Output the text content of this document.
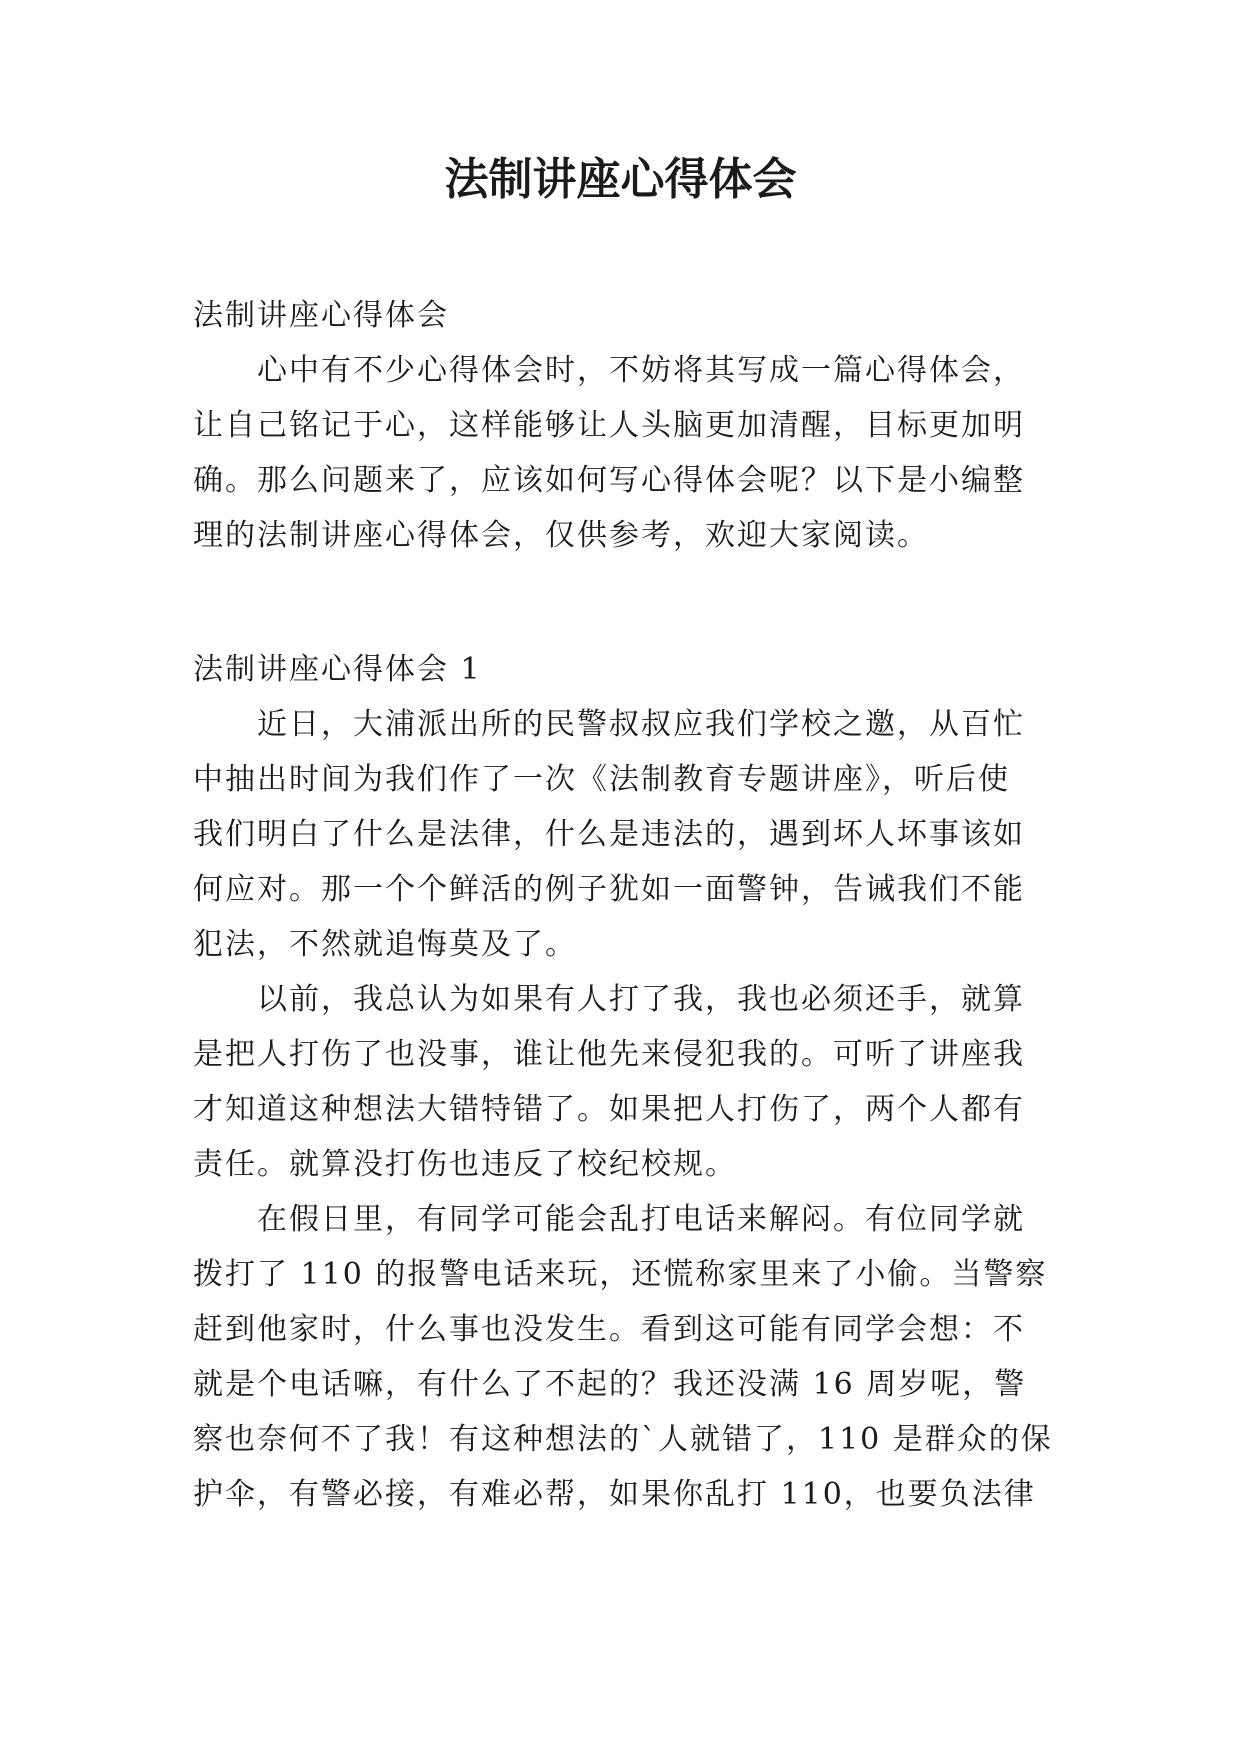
法制讲座心得体会
法制讲座心得体会
心中有不少心得体会时，不妨将其写成一篇心得体会，
让自己铭记于心，这样能够让人头脑更加清醒，目标更加明
确。那么问题来了，应该如何写心得体会呢？以下是小编整
理的法制讲座心得体会，仅供参考，欢迎大家阅读。
法制讲座心得体会 1
近日，大浦派出所的民警叔叔应我们学校之邀，从百忙
中抽出时间为我们作了一次《法制教育专题讲座》，听后使
我们明白了什么是法律，什么是违法的，遇到坏人坏事该如
何应对。那一个个鲜活的例子犹如一面警钟，告诫我们不能
犯法，不然就追悔莫及了。
以前，我总认为如果有人打了我，我也必须还手，就算
是把人打伤了也没事，谁让他先来侵犯我的。可听了讲座我
才知道这种想法大错特错了。如果把人打伤了，两个人都有
责任。就算没打伤也违反了校纪校规。
在假日里，有同学可能会乱打电话来解闷。有位同学就
拨打了 110 的报警电话来玩，还慌称家里来了小偷。当警察
赶到他家时，什么事也没发生。看到这可能有同学会想：不
就是个电话嘛，有什么了不起的？我还没满 16 周岁呢，警
察也奈何不了我！有这种想法的`人就错了，110 是群众的保
护伞，有警必接，有难必帮，如果你乱打 110，也要负法律
